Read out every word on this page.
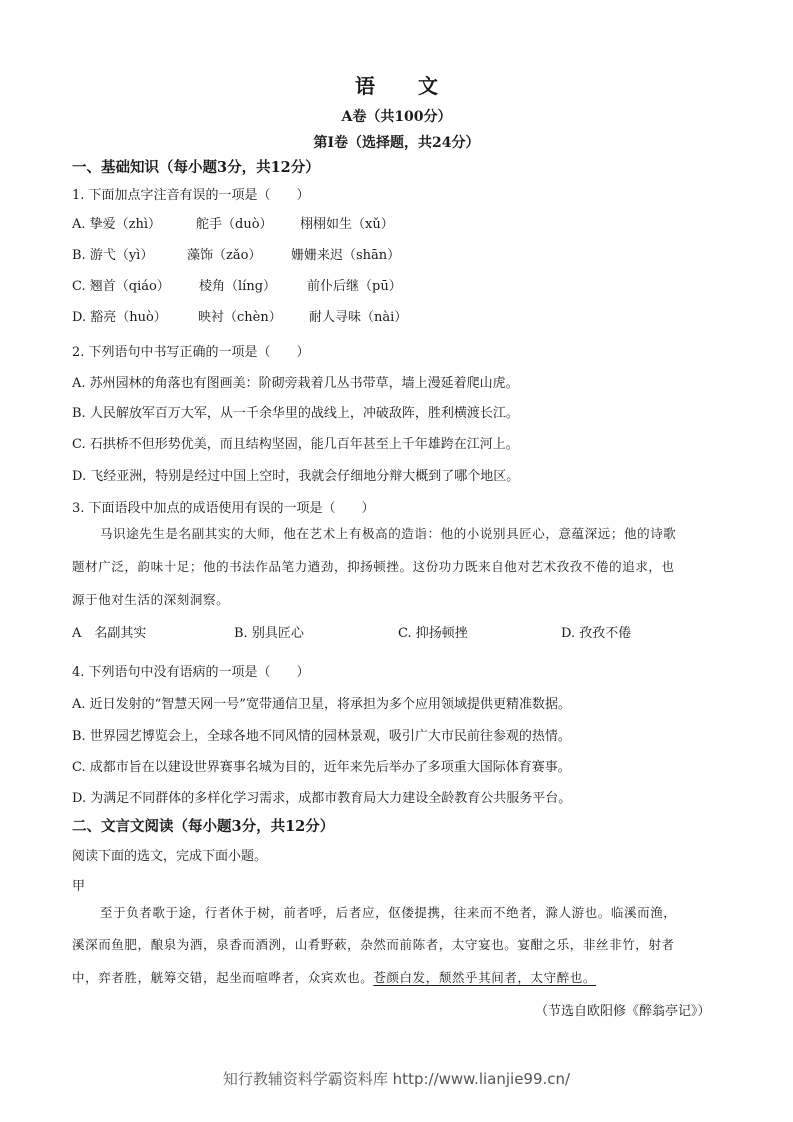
语 文
A卷（共100分）
第Ⅰ卷（选择题，共24分）
一、基础知识（每小题3分，共12分）
1. 下面加点字注音有误的一项是（　　）
A. 挚爱（zhì）	舵手（duò） 栩栩如生（xǔ）
B. 游弋（yì）	藻饰（zǎo） 姗姗来迟（shān）
C. 翘首（qiáo） 棱角（líng） 前仆后继（pū）
D. 豁亮（huò） 映衬（chèn） 耐人寻味（nài）
2. 下列语句中书写正确的一项是（　　）
A. 苏州园林的角落也有图画美：阶砌旁栽着几丛书带草，墙上漫延着爬山虎。
B. 人民解放军百万大军，从一千余华里的战线上，冲破敌阵，胜利横渡长江。
C. 石拱桥不但形势优美，而且结构坚固，能几百年甚至上千年雄跨在江河上。
D. 飞经亚洲，特别是经过中国上空时，我就会仔细地分辩大概到了哪个地区。
3. 下面语段中加点的成语使用有误的一项是（　　）
马识途先生是名副其实的大师，他在艺术上有极高的造诣：他的小说别具匠心，意蕴深远；他的诗歌
题材广泛，韵味十足；他的书法作品笔力遒劲，抑扬顿挫。这份功力既来自他对艺术孜孜不倦的追求，也
源于他对生活的深刻洞察。
A　名副其实	B. 别具匠心	C. 抑扬顿挫	D. 孜孜不倦
4. 下列语句中没有语病的一项是（　　）
A. 近日发射的“智慧天网一号”宽带通信卫星，将承担为多个应用领域提供更精准数据。
B. 世界园艺博览会上，全球各地不同风情的园林景观，吸引广大市民前往参观的热情。
C. 成都市旨在以建设世界赛事名城为目的，近年来先后举办了多项重大国际体育赛事。
D. 为满足不同群体的多样化学习需求，成都市教育局大力建设全龄教育公共服务平台。
二、文言文阅读（每小题3分，共12分）
阅读下面的选文，完成下面小题。
甲
至于负者歌于途，行者休于树，前者呼，后者应，伛偻提携，往来而不绝者，滁人游也。临溪而渔，
溪深而鱼肥，酿泉为酒，泉香而酒洌，山肴野蔌，杂然而前陈者，太守宴也。宴酣之乐，非丝非竹，射者
中，弈者胜，觥筹交错，起坐而喧哗者，众宾欢也。苍颜白发，颓然乎其间者，太守醉也。
（节选自欧阳修《醉翁亭记》）
知行教辅资料学霸资料库 http://www.lianjie99.cn/
